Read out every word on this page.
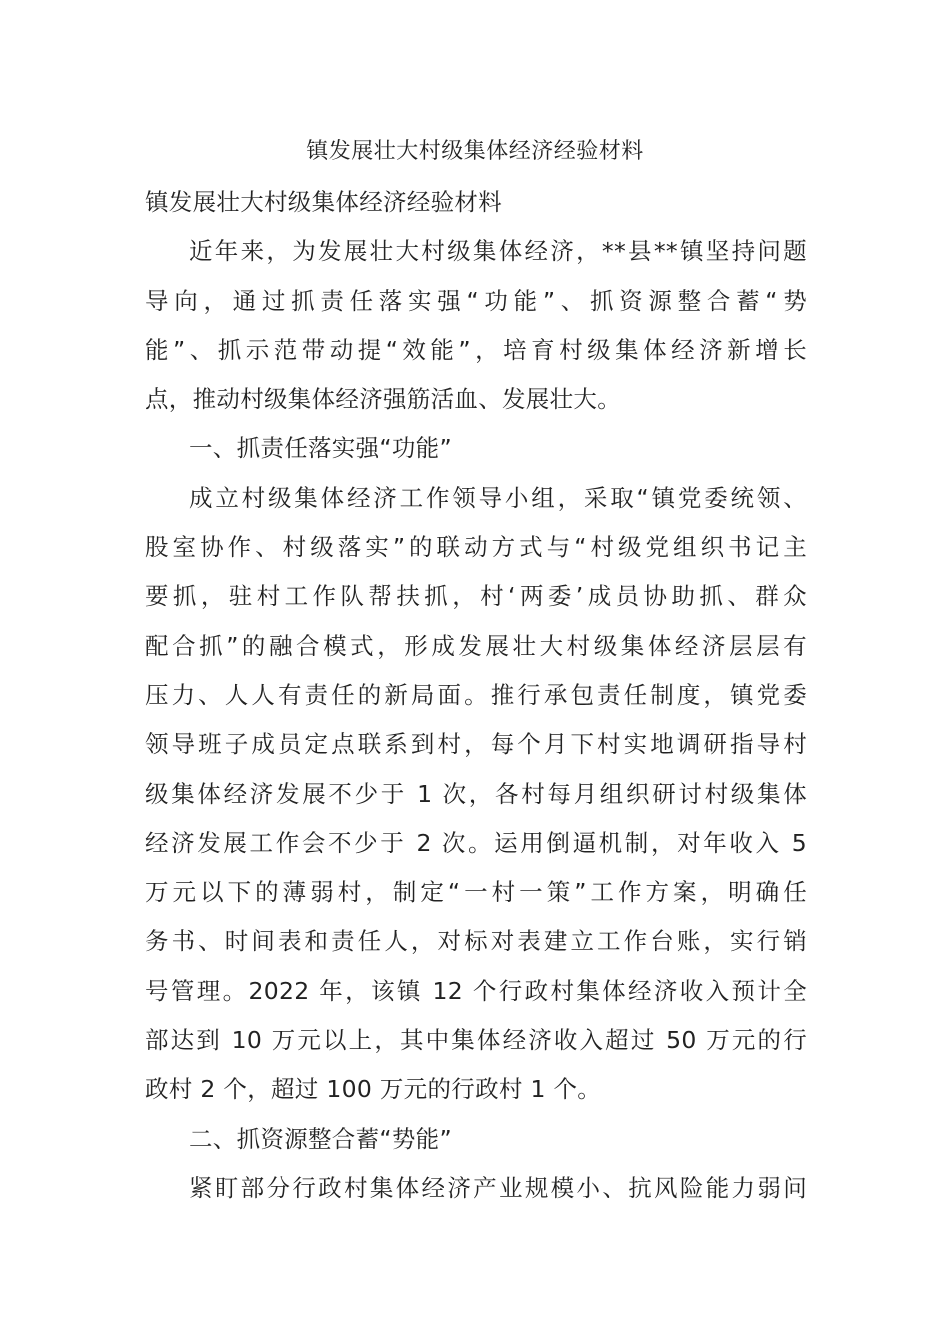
镇发展壮大村级集体经济经验材料
镇发展壮大村级集体经济经验材料
近年来，为发展壮大村级集体经济，**县**镇坚持问题
导向，通过抓责任落实强“功能”、抓资源整合蓄“势
能”、抓示范带动提“效能”，培育村级集体经济新增长
点，推动村级集体经济强筋活血、发展壮大。
一、抓责任落实强“功能”
成立村级集体经济工作领导小组，采取“镇党委统领、
股室协作、村级落实”的联动方式与“村级党组织书记主
要抓，驻村工作队帮扶抓，村‘两委’成员协助抓、群众
配合抓”的融合模式，形成发展壮大村级集体经济层层有
压力、人人有责任的新局面。推行承包责任制度，镇党委
领导班子成员定点联系到村，每个月下村实地调研指导村
级集体经济发展不少于 1 次，各村每月组织研讨村级集体
经济发展工作会不少于 2 次。运用倒逼机制，对年收入 5
万元以下的薄弱村，制定“一村一策”工作方案，明确任
务书、时间表和责任人，对标对表建立工作台账，实行销
号管理。2022 年，该镇 12 个行政村集体经济收入预计全
部达到 10 万元以上，其中集体经济收入超过 50 万元的行
政村 2 个，超过 100 万元的行政村 1 个。
二、抓资源整合蓄“势能”
紧盯部分行政村集体经济产业规模小、抗风险能力弱问
